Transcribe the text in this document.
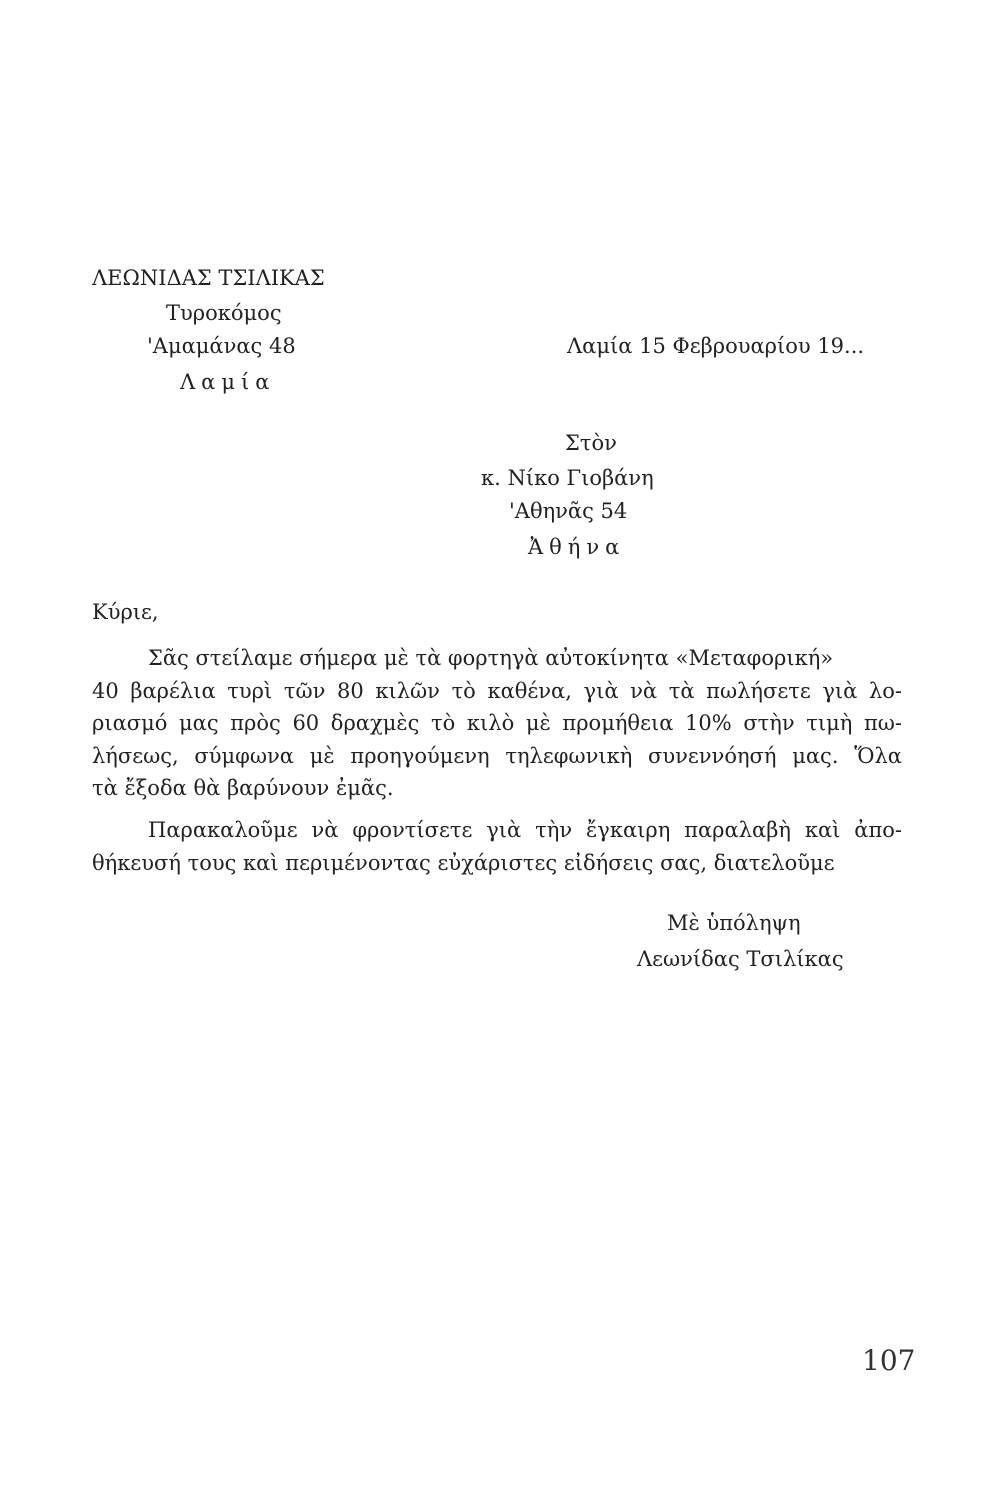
ΛΕΩΝΙΔΑΣ ΤΣΙΛΙΚΑΣ
Τυροκόμος
'Αμαμάνας 48
Λαμία
Λαμία 15 Φεβρουαρίου 19...
Στὸν
κ. Νίκο Γιοβάνη
'Αθηνᾶς 54
Ἀθήνα
Κύριε,
Σᾶς στείλαμε σήμερα μὲ τὰ φορτηγὰ αὐτοκίνητα «Μεταφορική»
40 βαρέλια τυρὶ τῶν 80 κιλῶν τὸ καθένα, γιὰ νὰ τὰ πωλήσετε γιὰ λο-
ριασμό μας πρὸς 60 δραχμὲς τὸ κιλὸ μὲ προμήθεια 10% στὴν τιμὴ πω-
λήσεως, σύμφωνα μὲ προηγούμενη τηλεφωνικὴ συνεννόησή μας. Ὅλα
τὰ ἔξοδα θὰ βαρύνουν ἐμᾶς.
Παρακαλοῦμε νὰ φροντίσετε γιὰ τὴν ἔγκαιρη παραλαβὴ καὶ ἀπο-
θήκευσή τους καὶ περιμένοντας εὐχάριστες εἰδήσεις σας, διατελοῦμε
Μὲ ὑπόληψη
Λεωνίδας Τσιλίκας
107
